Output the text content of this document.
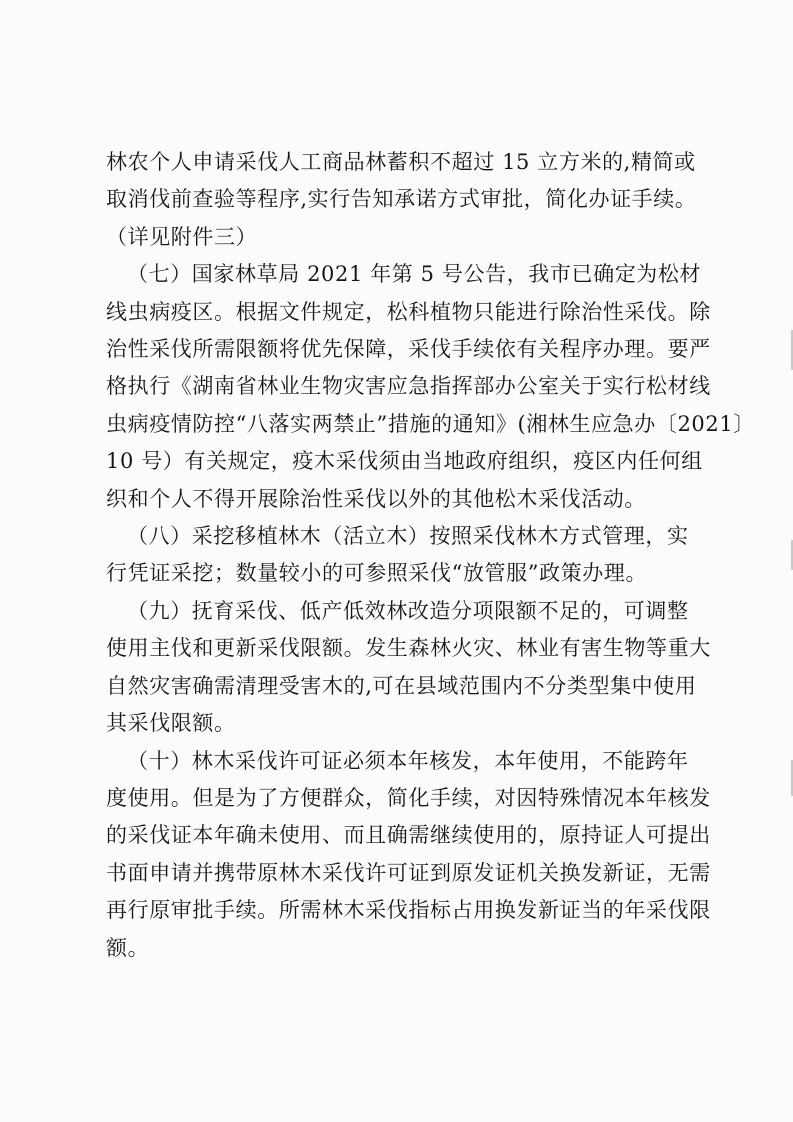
林农个人申请采伐人工商品林蓄积不超过 15 立方米的,精简或
取消伐前查验等程序,实行告知承诺方式审批，简化办证手续。
（详见附件三）
（七）国家林草局 2021 年第 5 号公告，我市已确定为松材
线虫病疫区。根据文件规定，松科植物只能进行除治性采伐。除
治性采伐所需限额将优先保障，采伐手续依有关程序办理。要严
格执行《湖南省林业生物灾害应急指挥部办公室关于实行松材线
虫病疫情防控“八落实两禁止”措施的通知》(湘林生应急办〔2021〕
10 号）有关规定，疫木采伐须由当地政府组织，疫区内任何组
织和个人不得开展除治性采伐以外的其他松木采伐活动。
（八）采挖移植林木（活立木）按照采伐林木方式管理，实
行凭证采挖；数量较小的可参照采伐“放管服”政策办理。
（九）抚育采伐、低产低效林改造分项限额不足的，可调整
使用主伐和更新采伐限额。发生森林火灾、林业有害生物等重大
自然灾害确需清理受害木的,可在县域范围内不分类型集中使用
其采伐限额。
（十）林木采伐许可证必须本年核发，本年使用，不能跨年
度使用。但是为了方便群众，简化手续，对因特殊情况本年核发
的采伐证本年确未使用、而且确需继续使用的，原持证人可提出
书面申请并携带原林木采伐许可证到原发证机关换发新证，无需
再行原审批手续。所需林木采伐指标占用换发新证当的年采伐限
额。
